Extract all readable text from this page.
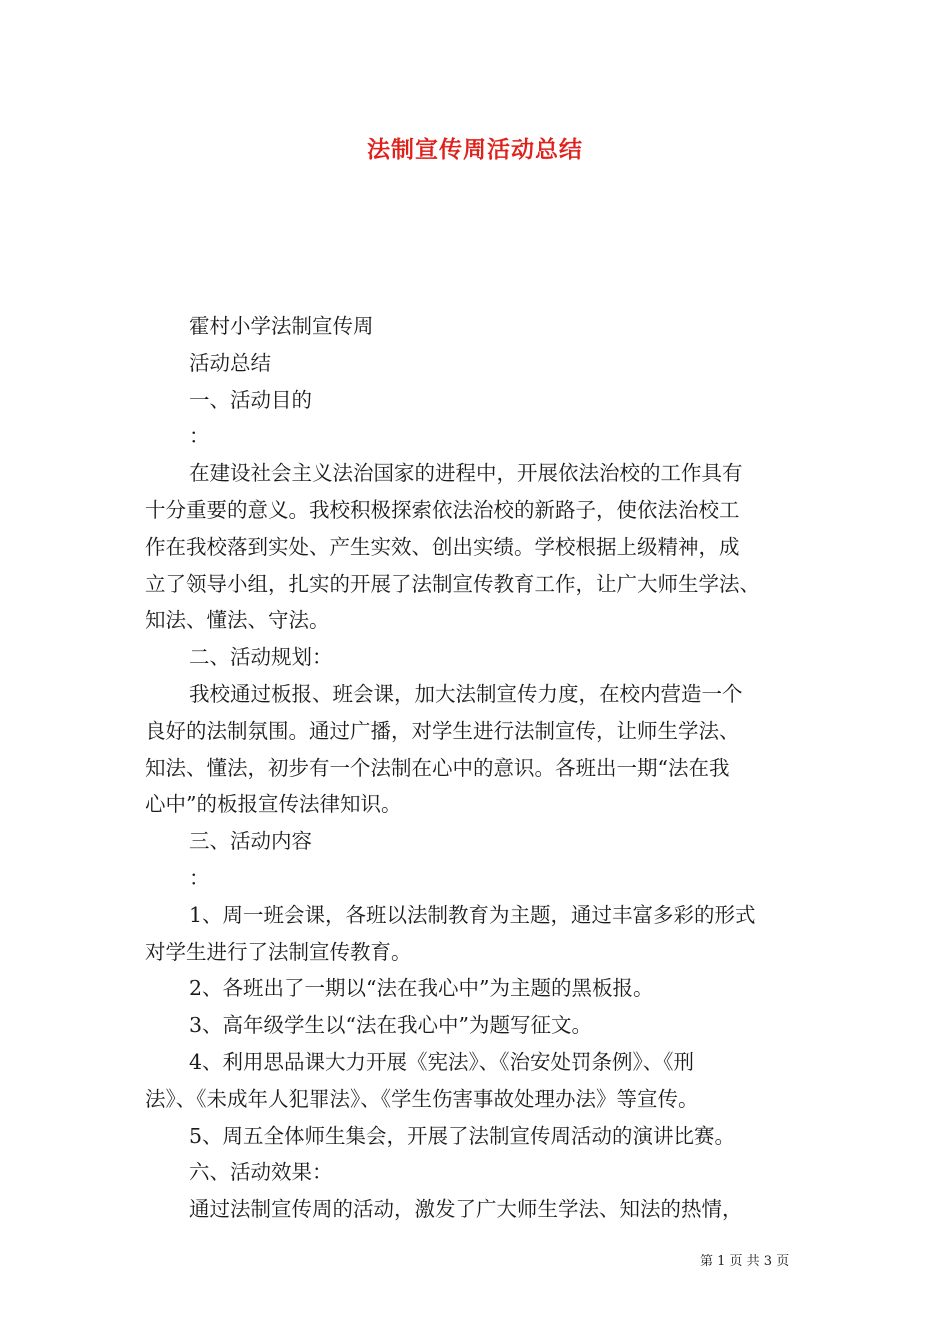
法制宣传周活动总结
霍村小学法制宣传周
活动总结
一、活动目的
：
在建设社会主义法治国家的进程中，开展依法治校的工作具有
十分重要的意义。我校积极探索依法治校的新路子，使依法治校工
作在我校落到实处、产生实效、创出实绩。学校根据上级精神，成
立了领导小组，扎实的开展了法制宣传教育工作，让广大师生学法、
知法、懂法、守法。
二、活动规划：
我校通过板报、班会课，加大法制宣传力度，在校内营造一个
良好的法制氛围。通过广播，对学生进行法制宣传，让师生学法、
知法、懂法，初步有一个法制在心中的意识。各班出一期“法在我
心中”的板报宣传法律知识。
三、活动内容
：
1、周一班会课，各班以法制教育为主题，通过丰富多彩的形式
对学生进行了法制宣传教育。
2、各班出了一期以“法在我心中”为主题的黑板报。
3、高年级学生以“法在我心中”为题写征文。
4、利用思品课大力开展《宪法》、《治安处罚条例》、《刑
法》、《未成年人犯罪法》、《学生伤害事故处理办法》等宣传。
5、周五全体师生集会，开展了法制宣传周活动的演讲比赛。
六、活动效果：
通过法制宣传周的活动，激发了广大师生学法、知法的热情，
第 1 页 共 3 页
